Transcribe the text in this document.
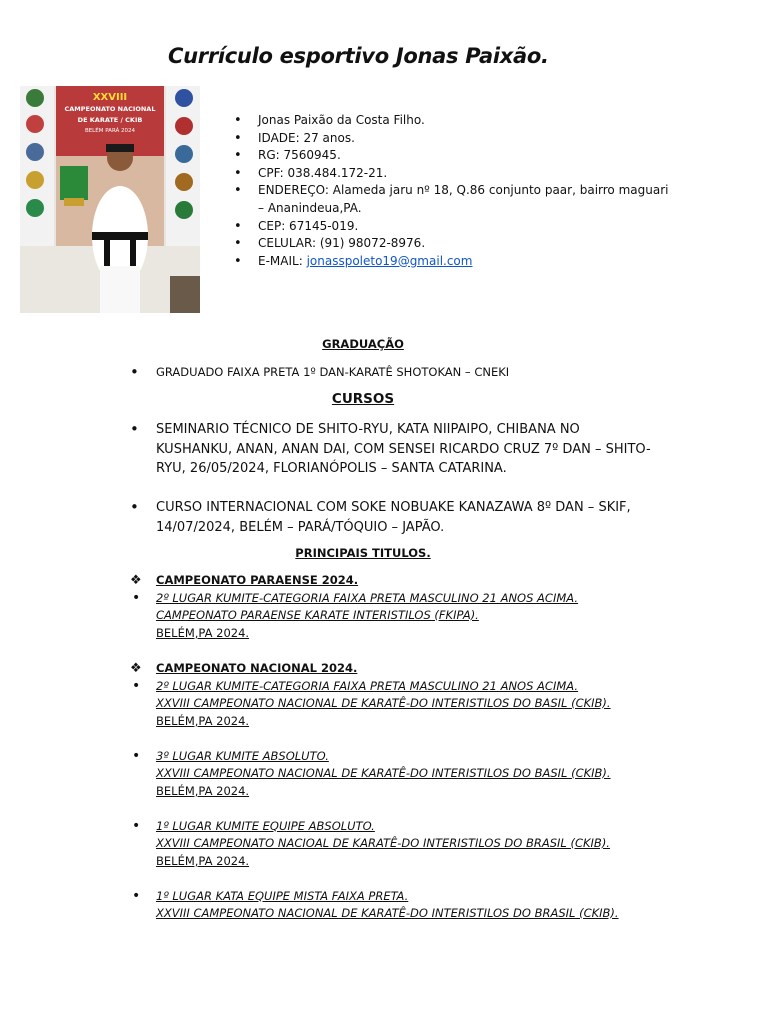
Currículo esportivo Jonas Paixão.
XXVIII
CAMPEONATO NACIONAL
DE KARATE / CKIB
BELÉM PARÁ 2024
• Jonas Paixão da Costa Filho.
• IDADE: 27 anos.
• RG: 7560945.
• CPF: 038.484.172-21.
• ENDEREÇO: Alameda jaru nº 18, Q.86 conjunto paar, bairro maguari – Ananindeua,PA.
• CEP: 67145-019.
• CELULAR: (91) 98072-8976.
• E-MAIL: jonasspoleto19@gmail.com
GRADUAÇÃO
• GRADUADO FAIXA PRETA 1º DAN-KARATÊ SHOTOKAN – CNEKI
CURSOS
• SEMINARIO TÉCNICO DE SHITO-RYU, KATA NIIPAIPO, CHIBANA NO KUSHANKU, ANAN, ANAN DAI, COM SENSEI RICARDO CRUZ 7º DAN – SHITO-RYU, 26/05/2024, FLORIANÓPOLIS – SANTA CATARINA.
• CURSO INTERNACIONAL COM SOKE NOBUAKE KANAZAWA 8º DAN – SKIF, 14/07/2024, BELÉM – PARÁ/TÓQUIO – JAPÃO.
PRINCIPAIS TITULOS.
❖ CAMPEONATO PARAENSE 2024.
• 2º LUGAR KUMITE-CATEGORIA FAIXA PRETA MASCULINO 21 ANOS ACIMA.
CAMPEONATO PARAENSE KARATE INTERISTILOS (FKIPA).
BELÉM,PA 2024.
❖ CAMPEONATO NACIONAL 2024.
• 2º LUGAR KUMITE-CATEGORIA FAIXA PRETA MASCULINO 21 ANOS ACIMA.
XXVIII CAMPEONATO NACIONAL DE KARATÊ-DO INTERISTILOS DO BASIL (CKIB).
BELÉM,PA 2024.
• 3º LUGAR KUMITE ABSOLUTO.
XXVIII CAMPEONATO NACIONAL DE KARATÊ-DO INTERISTILOS DO BASIL (CKIB).
BELÉM,PA 2024.
• 1º LUGAR KUMITE EQUIPE ABSOLUTO.
XXVIII CAMPEONATO NACIOAL DE KARATÊ-DO INTERISTILOS DO BRASIL (CKIB).
BELÉM,PA 2024.
• 1º LUGAR KATA EQUIPE MISTA FAIXA PRETA.
XXVIII CAMPEONATO NACIONAL DE KARATÊ-DO INTERISTILOS DO BRASIL (CKIB).
